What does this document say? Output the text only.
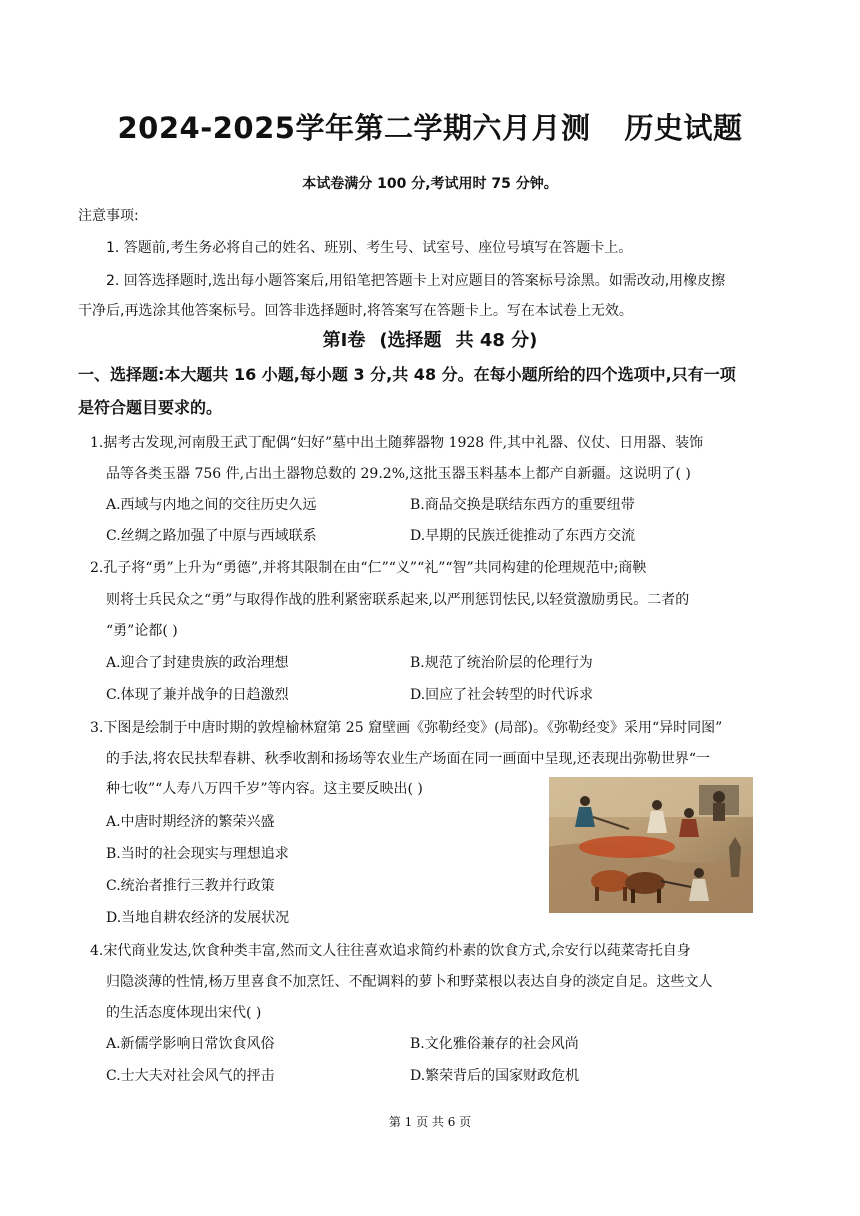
2024-2025学年第二学期六月月测 历史试题
本试卷满分 100 分,考试用时 75 分钟。
注意事项:
1. 答题前,考生务必将自己的姓名、班别、考生号、试室号、座位号填写在答题卡上。
2. 回答选择题时,选出每小题答案后,用铅笔把答题卡上对应题目的答案标号涂黑。如需改动,用橡皮擦
干净后,再选涂其他答案标号。回答非选择题时,将答案写在答题卡上。写在本试卷上无效。
第Ⅰ卷 (选择题 共 48 分)
一、选择题:本大题共 16 小题,每小题 3 分,共 48 分。在每小题所给的四个选项中,只有一项
是符合题目要求的。
1.据考古发现,河南殷王武丁配偶“妇好”墓中出土随葬器物 1928 件,其中礼器、仪仗、日用器、装饰
品等各类玉器 756 件,占出土器物总数的 29.2%,这批玉器玉料基本上都产自新疆。这说明了( )
A.西域与内地之间的交往历史久远	B.商品交换是联结东西方的重要纽带
C.丝绸之路加强了中原与西域联系	D.早期的民族迁徙推动了东西方交流
2.孔子将“勇”上升为“勇德”,并将其限制在由“仁”“义”“礼”“智”共同构建的伦理规范中;商鞅
则将士兵民众之“勇”与取得作战的胜利紧密联系起来,以严刑惩罚怯民,以轻赏激励勇民。二者的
“勇”论都( )
A.迎合了封建贵族的政治理想	B.规范了统治阶层的伦理行为
C.体现了兼并战争的日趋激烈	D.回应了社会转型的时代诉求
3.下图是绘制于中唐时期的敦煌榆林窟第 25 窟壁画《弥勒经变》(局部)。《弥勒经变》采用“异时同图”
的手法,将农民扶犁春耕、秋季收割和扬场等农业生产场面在同一画面中呈现,还表现出弥勒世界“一
种七收”“人寿八万四千岁”等内容。这主要反映出( )
A.中唐时期经济的繁荣兴盛
B.当时的社会现实与理想追求
C.统治者推行三教并行政策
D.当地自耕农经济的发展状况
4.宋代商业发达,饮食种类丰富,然而文人往往喜欢追求简约朴素的饮食方式,佘安行以莼菜寄托自身
归隐淡薄的性情,杨万里喜食不加烹饪、不配调料的萝卜和野菜根以表达自身的淡定自足。这些文人
的生活态度体现出宋代( )
A.新儒学影响日常饮食风俗	B.文化雅俗兼存的社会风尚
C.士大夫对社会风气的抨击	D.繁荣背后的国家财政危机
第 1 页 共 6 页
